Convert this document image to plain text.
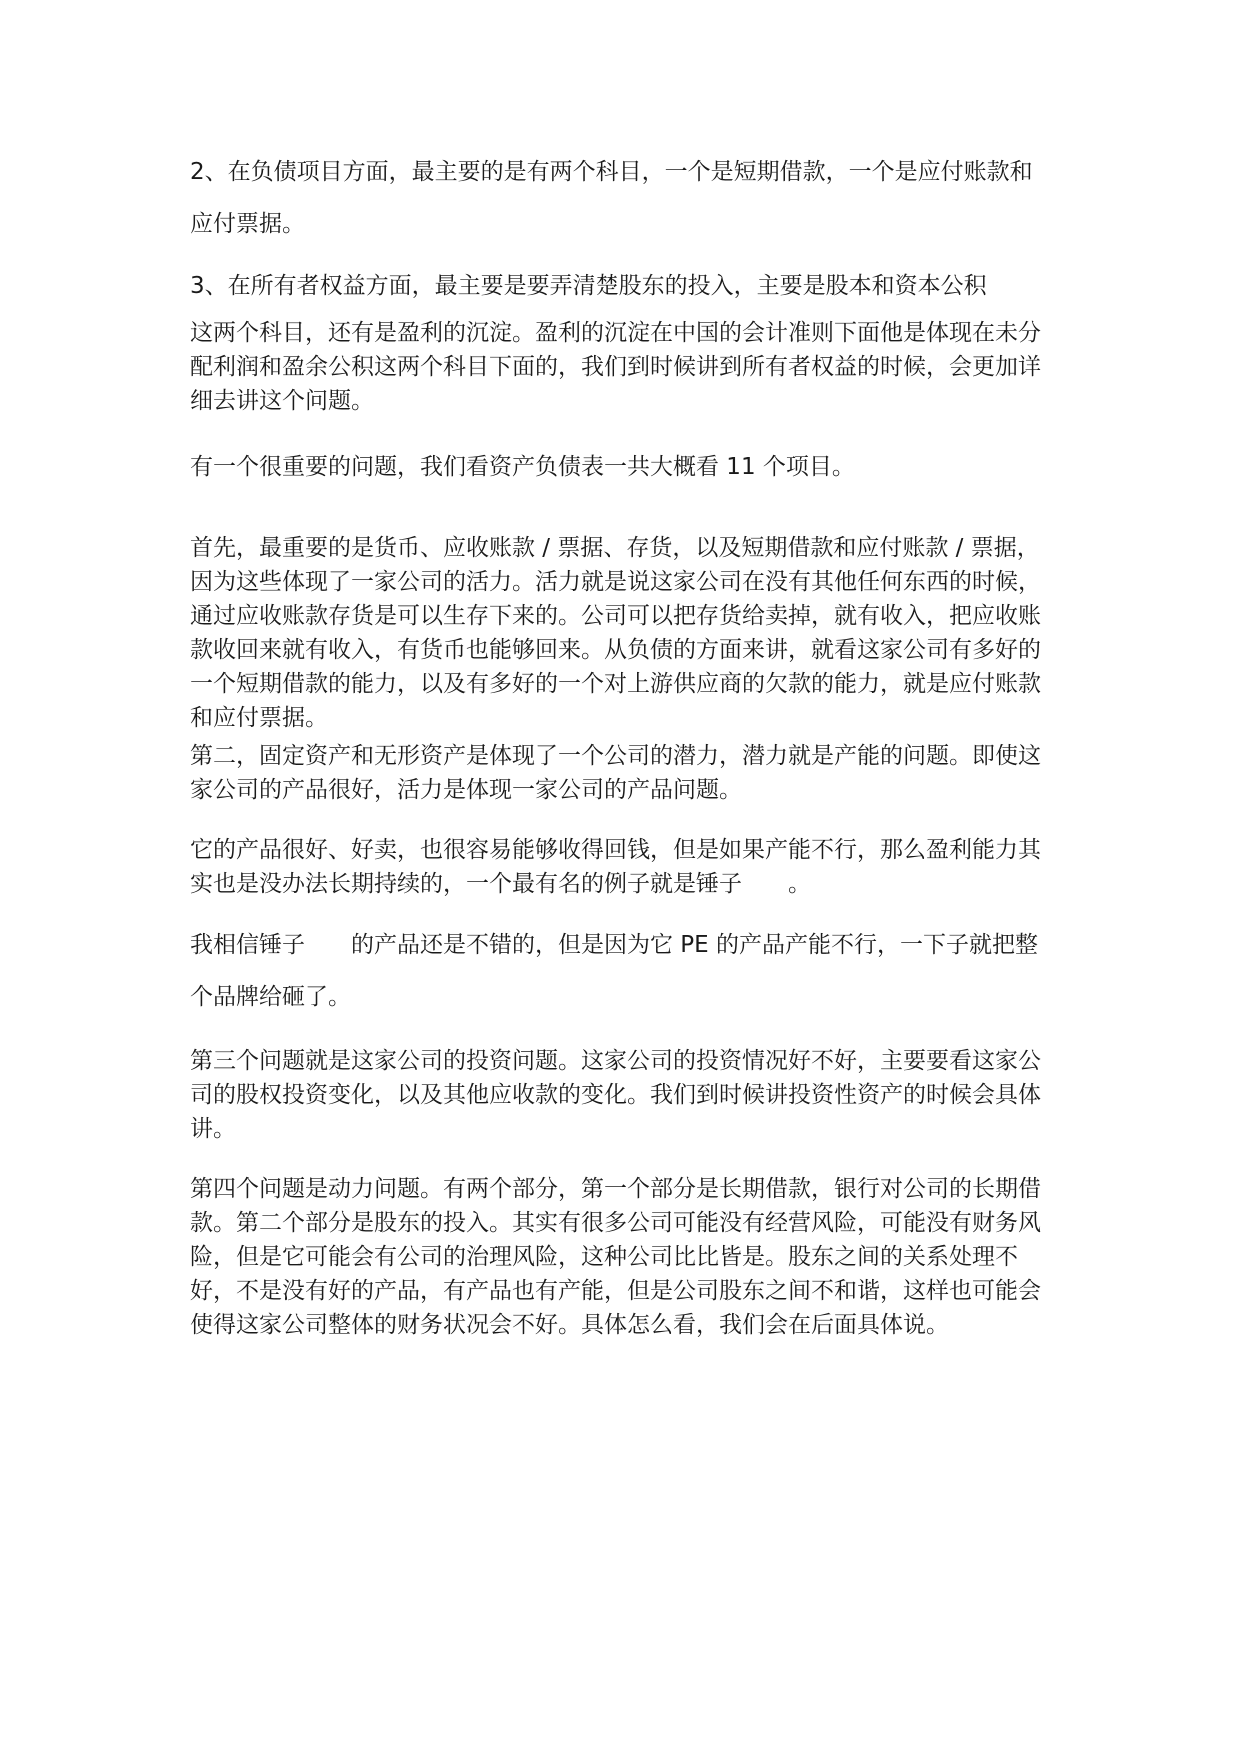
2、在负债项目方面，最主要的是有两个科目，一个是短期借款，一个是应付账款和应付票据。

3、在所有者权益方面，最主要是要弄清楚股东的投入，主要是股本和资本公积
这两个科目，还有是盈利的沉淀。盈利的沉淀在中国的会计准则下面他是体现在未分配利润和盈余公积这两个科目下面的，我们到时候讲到所有者权益的时候，会更加详细去讲这个问题。

有一个很重要的问题，我们看资产负债表一共大概看 11 个项目。

首先，最重要的是货币、应收账款 / 票据、存货，以及短期借款和应付账款 / 票据，因为这些体现了一家公司的活力。活力就是说这家公司在没有其他任何东西的时候，通过应收账款存货是可以生存下来的。公司可以把存货给卖掉，就有收入，把应收账款收回来就有收入，有货币也能够回来。从负债的方面来讲，就看这家公司有多好的一个短期借款的能力，以及有多好的一个对上游供应商的欠款的能力，就是应付账款和应付票据。

第二，固定资产和无形资产是体现了一个公司的潜力，潜力就是产能的问题。即使这家公司的产品很好，活力是体现一家公司的产品问题。

它的产品很好、好卖，也很容易能够收得回钱，但是如果产能不行，那么盈利能力其实也是没办法长期持续的，一个最有名的例子就是锤子　　。

我相信锤子　　的产品还是不错的，但是因为它 PE 的产品产能不行，一下子就把整个品牌给砸了。

第三个问题就是这家公司的投资问题。这家公司的投资情况好不好，主要要看这家公司的股权投资变化，以及其他应收款的变化。我们到时候讲投资性资产的时候会具体讲。

第四个问题是动力问题。有两个部分，第一个部分是长期借款，银行对公司的长期借款。第二个部分是股东的投入。其实有很多公司可能没有经营风险，可能没有财务风险，但是它可能会有公司的治理风险，这种公司比比皆是。股东之间的关系处理不好，不是没有好的产品，有产品也有产能，但是公司股东之间不和谐，这样也可能会使得这家公司整体的财务状况会不好。具体怎么看，我们会在后面具体说。
